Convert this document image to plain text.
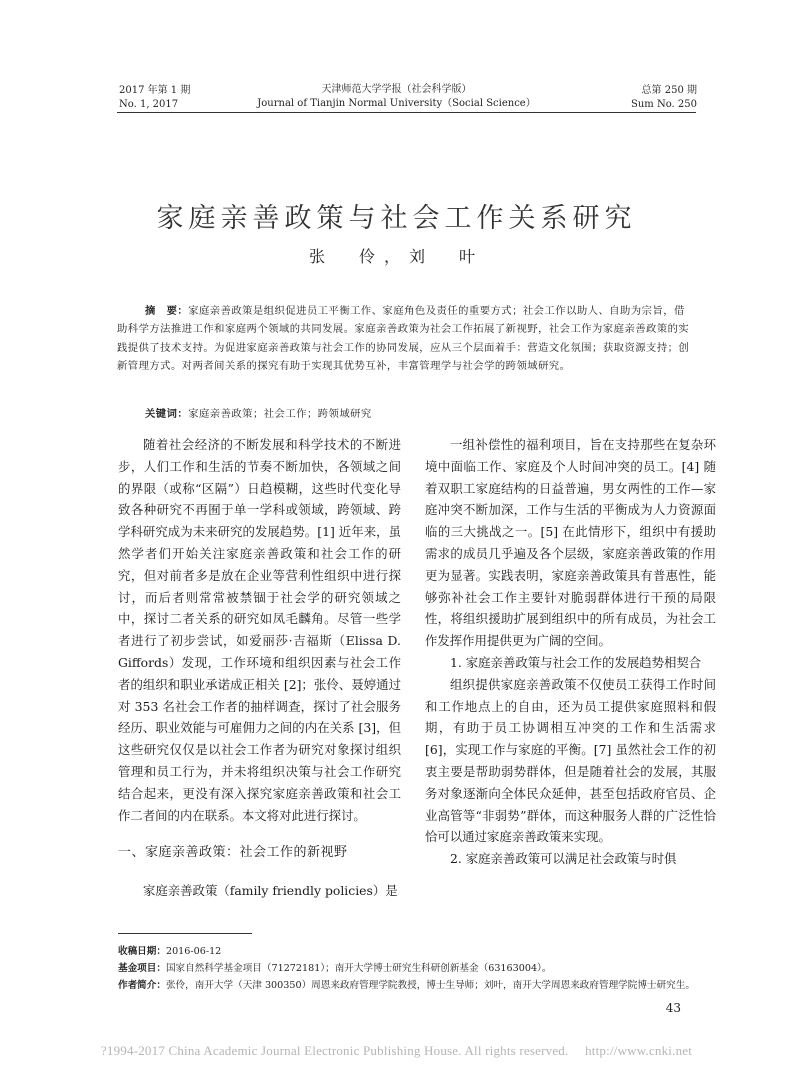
2017 年第 1 期
No. 1, 2017
天津师范大学学报（社会科学版）
Journal of Tianjin Normal University（Social Science）
总第 250 期
Sum No. 250
家庭亲善政策与社会工作关系研究
张　伶，刘　叶
摘　要：家庭亲善政策是组织促进员工平衡工作、家庭角色及责任的重要方式；社会工作以助人、自助为宗旨，借助科学方法推进工作和家庭两个领域的共同发展。家庭亲善政策为社会工作拓展了新视野，社会工作为家庭亲善政策的实践提供了技术支持。为促进家庭亲善政策与社会工作的协同发展，应从三个层面着手：营造文化氛围；获取资源支持；创新管理方式。对两者间关系的探究有助于实现其优势互补，丰富管理学与社会学的跨领域研究。
关键词：家庭亲善政策；社会工作；跨领域研究

随着社会经济的不断发展和科学技术的不断进步，人们工作和生活的节奏不断加快，各领域之间的界限（或称“区隔”）日趋模糊，这些时代变化导致各种研究不再囿于单一学科或领域，跨领域、跨学科研究成为未来研究的发展趋势。[1] 近年来，虽然学者们开始关注家庭亲善政策和社会工作的研究，但对前者多是放在企业等营利性组织中进行探讨，而后者则常常被禁锢于社会学的研究领域之中，探讨二者关系的研究如凤毛麟角。尽管一些学者进行了初步尝试，如爱丽莎·吉福斯（Elissa D. Giffords）发现，工作环境和组织因素与社会工作者的组织和职业承诺成正相关 [2]；张伶、聂婷通过对 353 名社会工作者的抽样调查，探讨了社会服务经历、职业效能与可雇佣力之间的内在关系 [3]，但这些研究仅仅是以社会工作者为研究对象探讨组织管理和员工行为，并未将组织决策与社会工作研究结合起来，更没有深入探究家庭亲善政策和社会工作二者间的内在联系。本文将对此进行探讨。

一、家庭亲善政策：社会工作的新视野

家庭亲善政策（family friendly policies）是

一组补偿性的福利项目，旨在支持那些在复杂环境中面临工作、家庭及个人时间冲突的员工。[4] 随着双职工家庭结构的日益普遍，男女两性的工作—家庭冲突不断加深，工作与生活的平衡成为人力资源面临的三大挑战之一。[5] 在此情形下，组织中有援助需求的成员几乎遍及各个层级，家庭亲善政策的作用更为显著。实践表明，家庭亲善政策具有普惠性，能够弥补社会工作主要针对脆弱群体进行干预的局限性，将组织援助扩展到组织中的所有成员，为社会工作发挥作用提供更为广阔的空间。

1. 家庭亲善政策与社会工作的发展趋势相契合

组织提供家庭亲善政策不仅使员工获得工作时间和工作地点上的自由，还为员工提供家庭照料和假期，有助于员工协调相互冲突的工作和生活需求 [6]，实现工作与家庭的平衡。[7] 虽然社会工作的初衷主要是帮助弱势群体，但是随着社会的发展，其服务对象逐渐向全体民众延伸，甚至包括政府官员、企业高管等“非弱势”群体，而这种服务人群的广泛性恰恰可以通过家庭亲善政策来实现。

2. 家庭亲善政策可以满足社会政策与时俱

收稿日期：2016-06-12
基金项目：国家自然科学基金项目（71272181）；南开大学博士研究生科研创新基金（63163004）。
作者简介：张伶，南开大学（天津 300350）周恩来政府管理学院教授，博士生导师；刘叶，南开大学周恩来政府管理学院博士研究生。
43
?1994-2017 China Academic Journal Electronic Publishing House. All rights reserved.　 http://www.cnki.net
